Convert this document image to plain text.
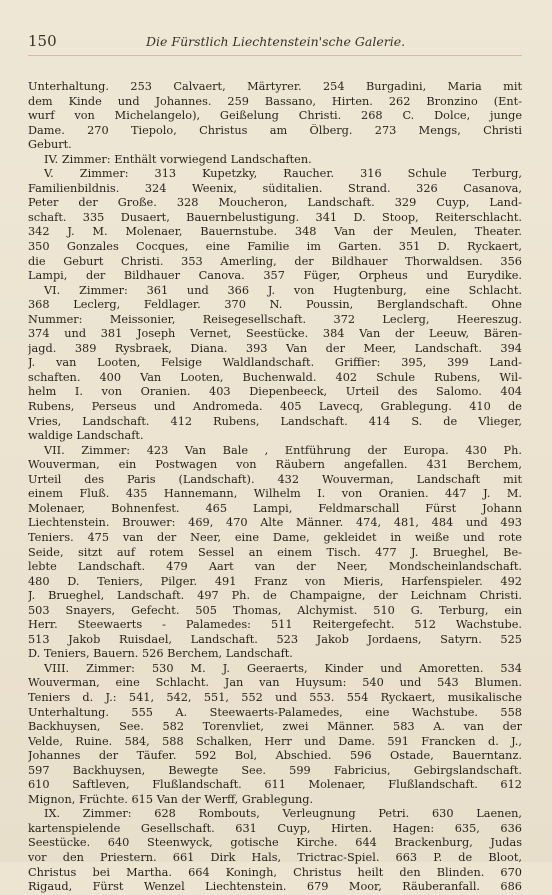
150	Die Fürstlich Liechtenstein'sche Galerie.
Unterhaltung. 253 Calvaert, Märtyrer. 254 Burgadini, Maria mit
dem Kinde und Johannes. 259 Bassano, Hirten. 262 Bronzino (Ent-
wurf von Michelangelo), Geißelung Christi. 268 C. Dolce, junge
Dame. 270 Tiepolo, Christus am Ölberg. 273 Mengs, Christi
Geburt.
IV. Zimmer: Enthält vorwiegend Landschaften.
V. Zimmer: 313 Kupetzky, Raucher. 316 Schule Terburg,
Familienbildnis. 324 Weenix, süditalien. Strand. 326 Casanova,
Peter der Große. 328 Moucheron, Landschaft. 329 Cuyp, Land-
schaft. 335 Dusaert, Bauernbelustigung. 341 D. Stoop, Reiterschlacht.
342 J. M. Molenaer, Bauernstube. 348 Van der Meulen, Theater.
350 Gonzales Cocques, eine Familie im Garten. 351 D. Ryckaert,
die Geburt Christi. 353 Amerling, der Bildhauer Thorwaldsen. 356
Lampi, der Bildhauer Canova. 357 Füger, Orpheus und Eurydike.
VI. Zimmer: 361 und 366 J. von Hugtenburg, eine Schlacht.
368 Leclerg, Feldlager. 370 N. Poussin, Berglandschaft. Ohne
Nummer: Meissonier, Reisegesellschaft. 372 Leclerg, Heereszug.
374 und 381 Joseph Vernet, Seestücke. 384 Van der Leeuw, Bären-
jagd. 389 Rysbraek, Diana. 393 Van der Meer, Landschaft. 394
J. van Looten, Felsige Waldlandschaft. Griffier: 395, 399 Land-
schaften. 400 Van Looten, Buchenwald. 402 Schule Rubens, Wil-
helm I. von Oranien. 403 Diepenbeeck, Urteil des Salomo. 404
Rubens, Perseus und Andromeda. 405 Lavecq, Grablegung. 410 de
Vries, Landschaft. 412 Rubens, Landschaft. 414 S. de Vlieger,
waldige Landschaft.
VII. Zimmer: 423 Van Bale , Entführung der Europa. 430 Ph.
Wouverman, ein Postwagen von Räubern angefallen. 431 Berchem,
Urteil des Paris (Landschaft). 432 Wouverman, Landschaft mit
einem Fluß. 435 Hannemann, Wilhelm I. von Oranien. 447 J. M.
Molenaer, Bohnenfest. 465 Lampi, Feldmarschall Fürst Johann
Liechtenstein. Brouwer: 469, 470 Alte Männer. 474, 481, 484 und 493
Teniers. 475 van der Neer, eine Dame, gekleidet in weiße und rote
Seide, sitzt auf rotem Sessel an einem Tisch. 477 J. Brueghel, Be-
lebte Landschaft. 479 Aart van der Neer, Mondscheinlandschaft.
480 D. Teniers, Pilger. 491 Franz von Mieris, Harfenspieler. 492
J. Brueghel, Landschaft. 497 Ph. de Champaigne, der Leichnam Christi.
503 Snayers, Gefecht. 505 Thomas, Alchymist. 510 G. Terburg, ein
Herr. Steewaerts - Palamedes: 511 Reitergefecht. 512 Wachstube.
513 Jakob Ruisdael, Landschaft. 523 Jakob Jordaens, Satyrn. 525
D. Teniers, Bauern. 526 Berchem, Landschaft.
VIII. Zimmer: 530 M. J. Geeraerts, Kinder und Amoretten. 534
Wouverman, eine Schlacht. Jan van Huysum: 540 und 543 Blumen.
Teniers d. J.: 541, 542, 551, 552 und 553. 554 Ryckaert, musikalische
Unterhaltung. 555 A. Steewaerts-Palamedes, eine Wachstube. 558
Backhuysen, See. 582 Torenvliet, zwei Männer. 583 A. van der
Velde, Ruine. 584, 588 Schalken, Herr und Dame. 591 Francken d. J.,
Johannes der Täufer. 592 Bol, Abschied. 596 Ostade, Bauerntanz.
597 Backhuysen, Bewegte See. 599 Fabricius, Gebirgslandschaft.
610 Saftleven, Flußlandschaft. 611 Molenaer, Flußlandschaft. 612
Mignon, Früchte. 615 Van der Werff, Grablegung.
IX. Zimmer: 628 Rombouts, Verleugnung Petri. 630 Laenen,
kartenspielende Gesellschaft. 631 Cuyp, Hirten. Hagen: 635, 636
Seestücke. 640 Steenwyck, gotische Kirche. 644 Brackenburg, Judas
vor den Priestern. 661 Dirk Hals, Trictrac-Spiel. 663 P. de Bloot,
Christus bei Martha. 664 Koningh, Christus heilt den Blinden. 670
Rigaud, Fürst Wenzel Liechtenstein. 679 Moor, Räuberanfall. 686
